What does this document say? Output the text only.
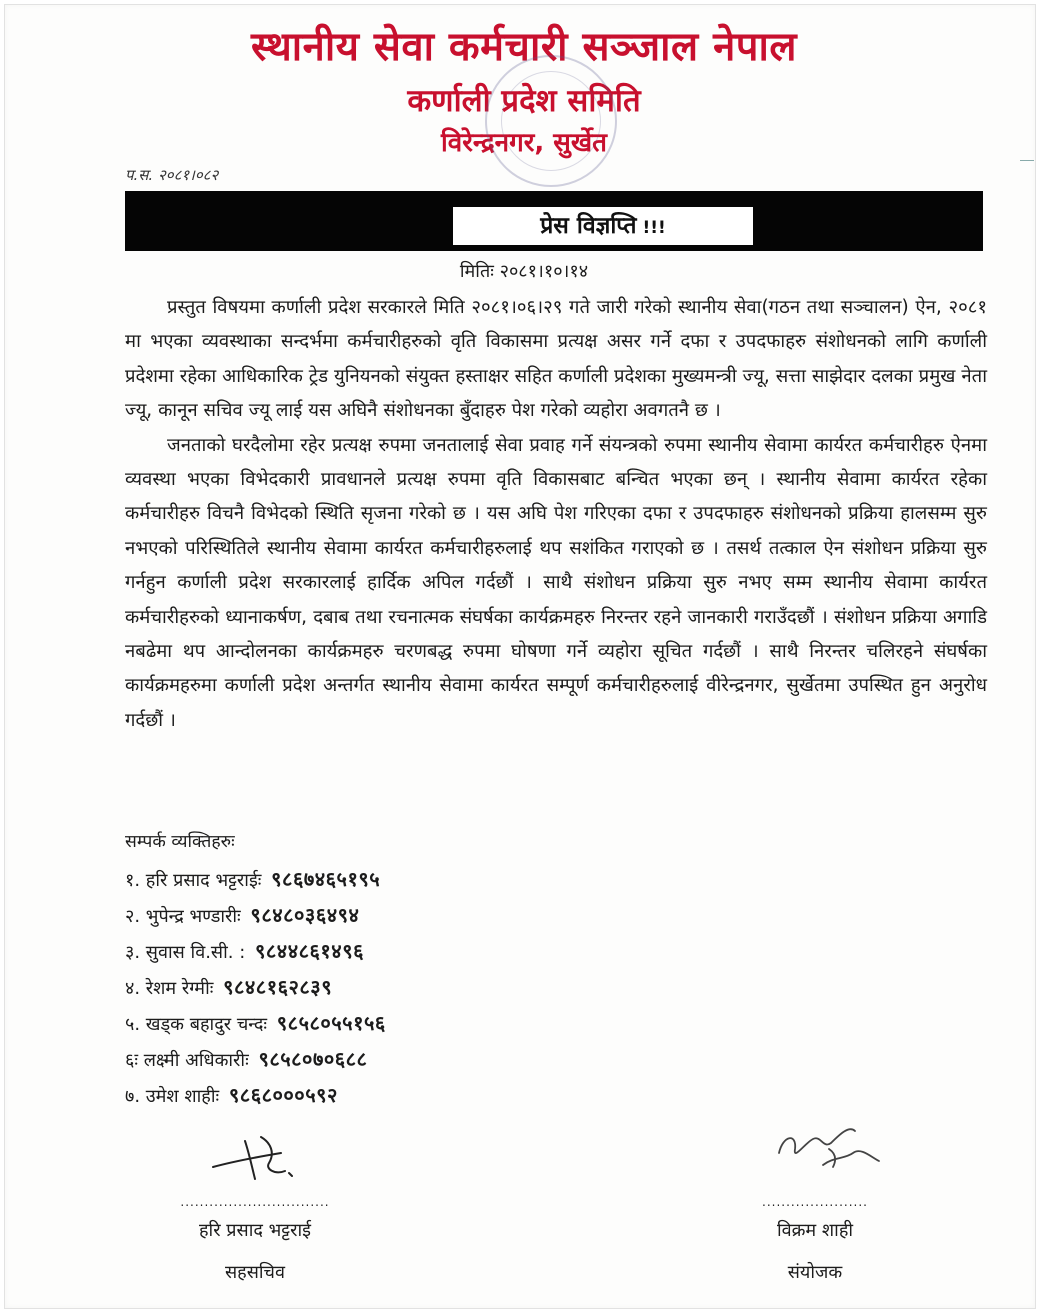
स्थानीय सेवा कर्मचारी सञ्जाल नेपाल
कर्णाली प्रदेश समिति
विरेन्द्रनगर, सुर्खेत
प.स. २०८१।०८२
प्रेस विज्ञप्ति !!!
मितिः २०८१।१०।१४

प्रस्तुत विषयमा कर्णाली प्रदेश सरकारले मिति २०८१।०६।२९ गते जारी गरेको स्थानीय सेवा(गठन तथा सञ्चालन) ऐन, २०८१ मा भएका व्यवस्थाका सन्दर्भमा कर्मचारीहरुको वृति विकासमा प्रत्यक्ष असर गर्ने दफा र उपदफाहरु संशोधनको लागि कर्णाली प्रदेशमा रहेका आधिकारिक ट्रेड युनियनको संयुक्त हस्ताक्षर सहित कर्णाली प्रदेशका मुख्यमन्त्री ज्यू, सत्ता साझेदार दलका प्रमुख नेता ज्यू, कानून सचिव ज्यू लाई यस अघिनै संशोधनका बुँदाहरु पेश गरेको व्यहोरा अवगतनै छ ।

जनताको घरदैलोमा रहेर प्रत्यक्ष रुपमा जनतालाई सेवा प्रवाह गर्ने संयन्त्रको रुपमा स्थानीय सेवामा कार्यरत कर्मचारीहरु ऐनमा व्यवस्था भएका विभेदकारी प्रावधानले प्रत्यक्ष रुपमा वृति विकासबाट बन्चित भएका छन् । स्थानीय सेवामा कार्यरत रहेका कर्मचारीहरु विचनै विभेदको स्थिति सृजना गरेको छ । यस अघि पेश गरिएका दफा र उपदफाहरु संशोधनको प्रक्रिया हालसम्म सुरु नभएको परिस्थितिले स्थानीय सेवामा कार्यरत कर्मचारीहरुलाई थप सशंकित गराएको छ । तसर्थ तत्काल ऐन संशोधन प्रक्रिया सुरु गर्नहुन कर्णाली प्रदेश सरकारलाई हार्दिक अपिल गर्दछौं । साथै संशोधन प्रक्रिया सुरु नभए सम्म स्थानीय सेवामा कार्यरत कर्मचारीहरुको ध्यानाकर्षण, दबाब तथा रचनात्मक संघर्षका कार्यक्रमहरु निरन्तर रहने जानकारी गराउँदछौं । संशोधन प्रक्रिया अगाडि नबढेमा थप आन्दोलनका कार्यक्रमहरु चरणबद्ध रुपमा घोषणा गर्ने व्यहोरा सूचित गर्दछौं । साथै निरन्तर चलिरहने संघर्षका कार्यक्रमहरुमा कर्णाली प्रदेश अन्तर्गत स्थानीय सेवामा कार्यरत सम्पूर्ण कर्मचारीहरुलाई वीरेन्द्रनगर, सुर्खेतमा उपस्थित हुन अनुरोध गर्दछौं ।

सम्पर्क व्यक्तिहरुः
१. हरि प्रसाद भट्टराईः ९८६७४६५१९५
२. भुपेन्द्र भण्डारीः ९८४८०३६४९४
३. सुवास वि.सी. : ९८४४८६१४९६
४. रेशम रेग्मीः ९८४८१६२८३९
५. खड्क बहादुर चन्दः ९८५८०५५१५६
६ः लक्ष्मी अधिकारीः ९८५८०७०६८८
७. उमेश शाहीः ९८६८०००५९२
...............................
हरि प्रसाद भट्टराई
सहसचिव
......................
विक्रम शाही
संयोजक
